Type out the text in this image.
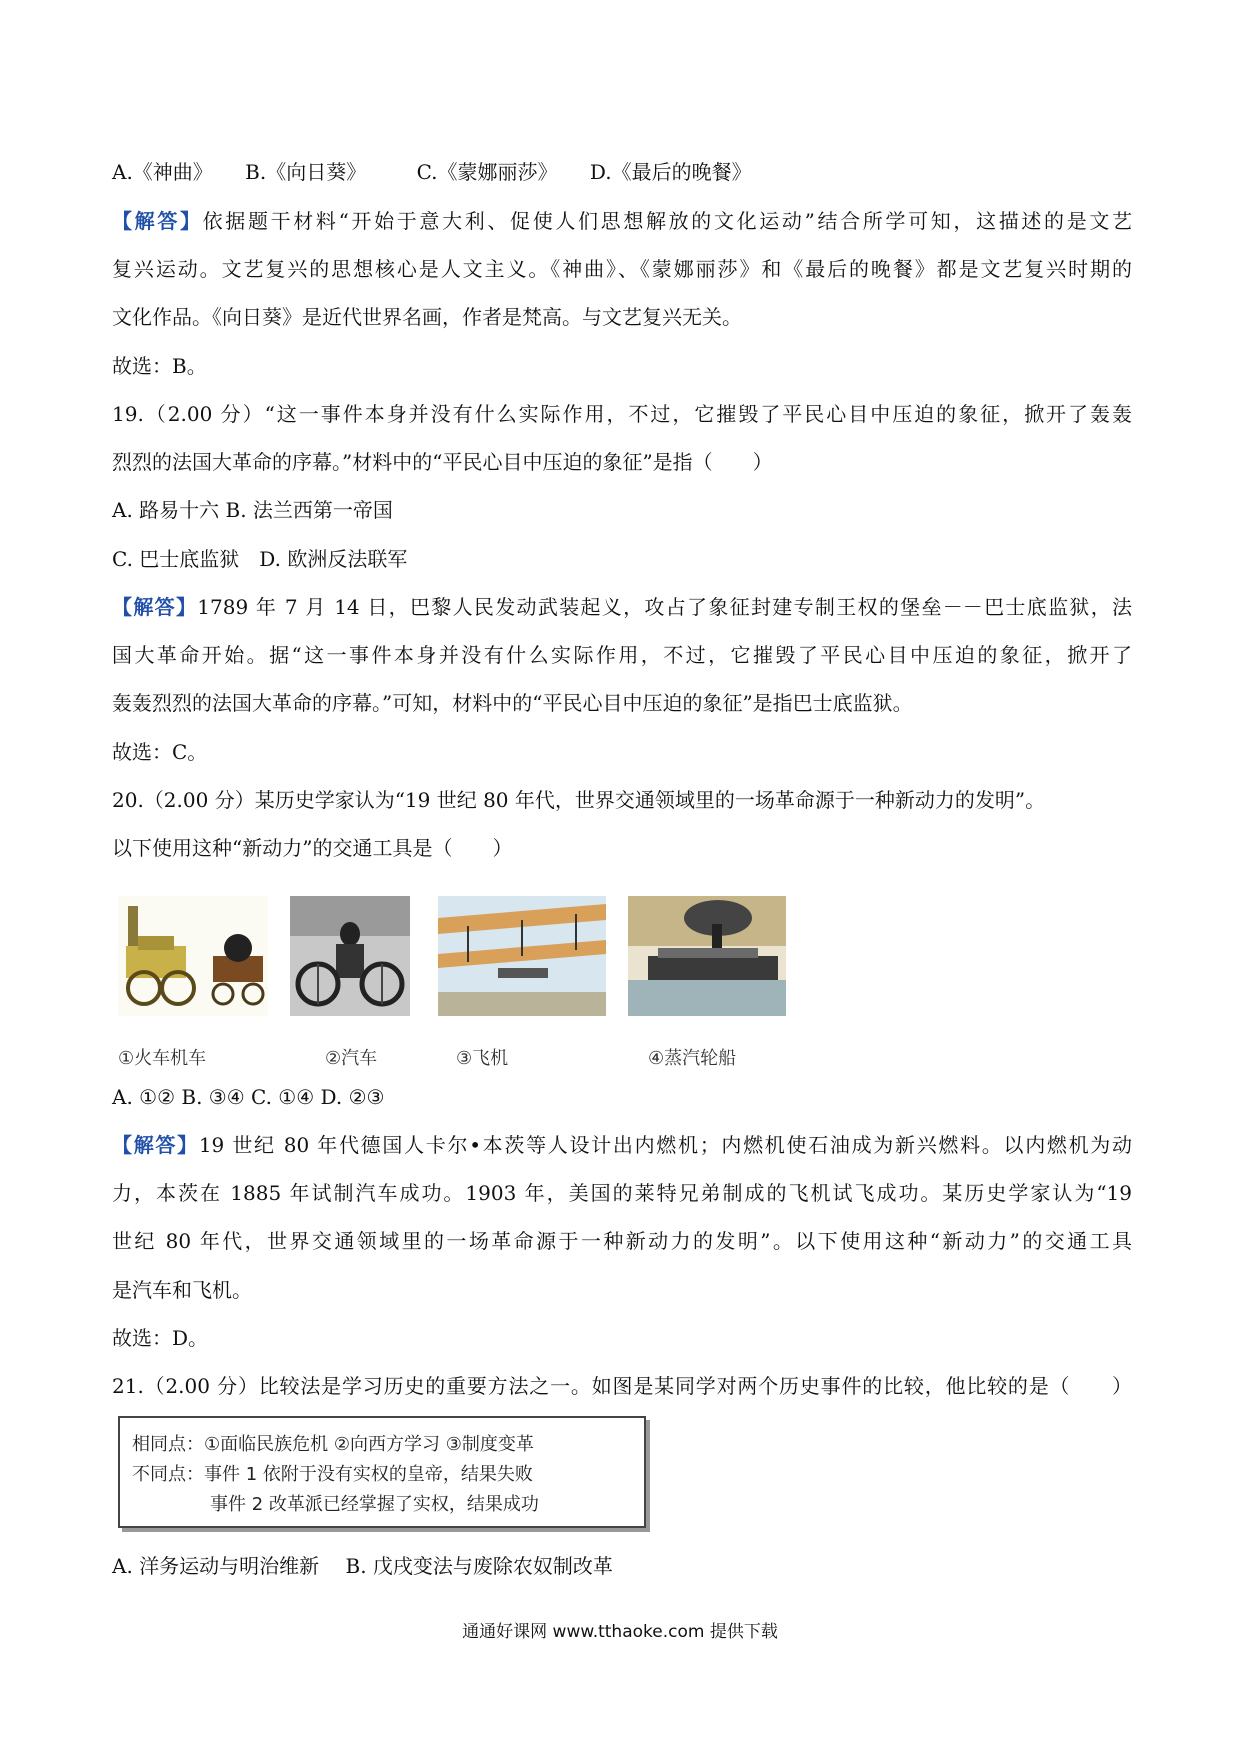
A.《神曲》 B.《向日葵》	C.《蒙娜丽莎》 D.《最后的晚餐》
【解答】依据题干材料“开始于意大利、促使人们思想解放的文化运动”结合所学可知，这描述的是文艺
复兴运动。文艺复兴的思想核心是人文主义。《神曲》、《蒙娜丽莎》和《最后的晚餐》都是文艺复兴时期的
文化作品。《向日葵》是近代世界名画，作者是梵高。与文艺复兴无关。
故选：B。
19.（2.00 分）“这一事件本身并没有什么实际作用，不过，它摧毁了平民心目中压迫的象征，掀开了轰轰
烈烈的法国大革命的序幕。”材料中的“平民心目中压迫的象征”是指（　　）
A. 路易十六 B. 法兰西第一帝国
C. 巴士底监狱　D. 欧洲反法联军
【解答】1789 年 7 月 14 日，巴黎人民发动武装起义，攻占了象征封建专制王权的堡垒－－巴士底监狱，法
国大革命开始。据“这一事件本身并没有什么实际作用，不过，它摧毁了平民心目中压迫的象征，掀开了
轰轰烈烈的法国大革命的序幕。”可知，材料中的“平民心目中压迫的象征”是指巴士底监狱。
故选：C。
20.（2.00 分）某历史学家认为“19 世纪 80 年代，世界交通领域里的一场革命源于一种新动力的发明”。
以下使用这种“新动力”的交通工具是（　　）
①火车机车	②汽车	③飞机	④蒸汽轮船
A. ①② B. ③④ C. ①④ D. ②③
【解答】19 世纪 80 年代德国人卡尔•本茨等人设计出内燃机；内燃机使石油成为新兴燃料。以内燃机为动
力，本茨在 1885 年试制汽车成功。1903 年，美国的莱特兄弟制成的飞机试飞成功。某历史学家认为“19
世纪 80 年代，世界交通领域里的一场革命源于一种新动力的发明”。以下使用这种“新动力”的交通工具
是汽车和飞机。
故选：D。
21.（2.00 分）比较法是学习历史的重要方法之一。如图是某同学对两个历史事件的比较，他比较的是（　　）
相同点：①面临民族危机 ②向西方学习 ③制度变革
不同点：事件 1 依附于没有实权的皇帝，结果失败
事件 2 改革派已经掌握了实权，结果成功
A. 洋务运动与明治维新　 B. 戊戌变法与废除农奴制改革
通通好课网 www.tthaoke.com 提供下载
